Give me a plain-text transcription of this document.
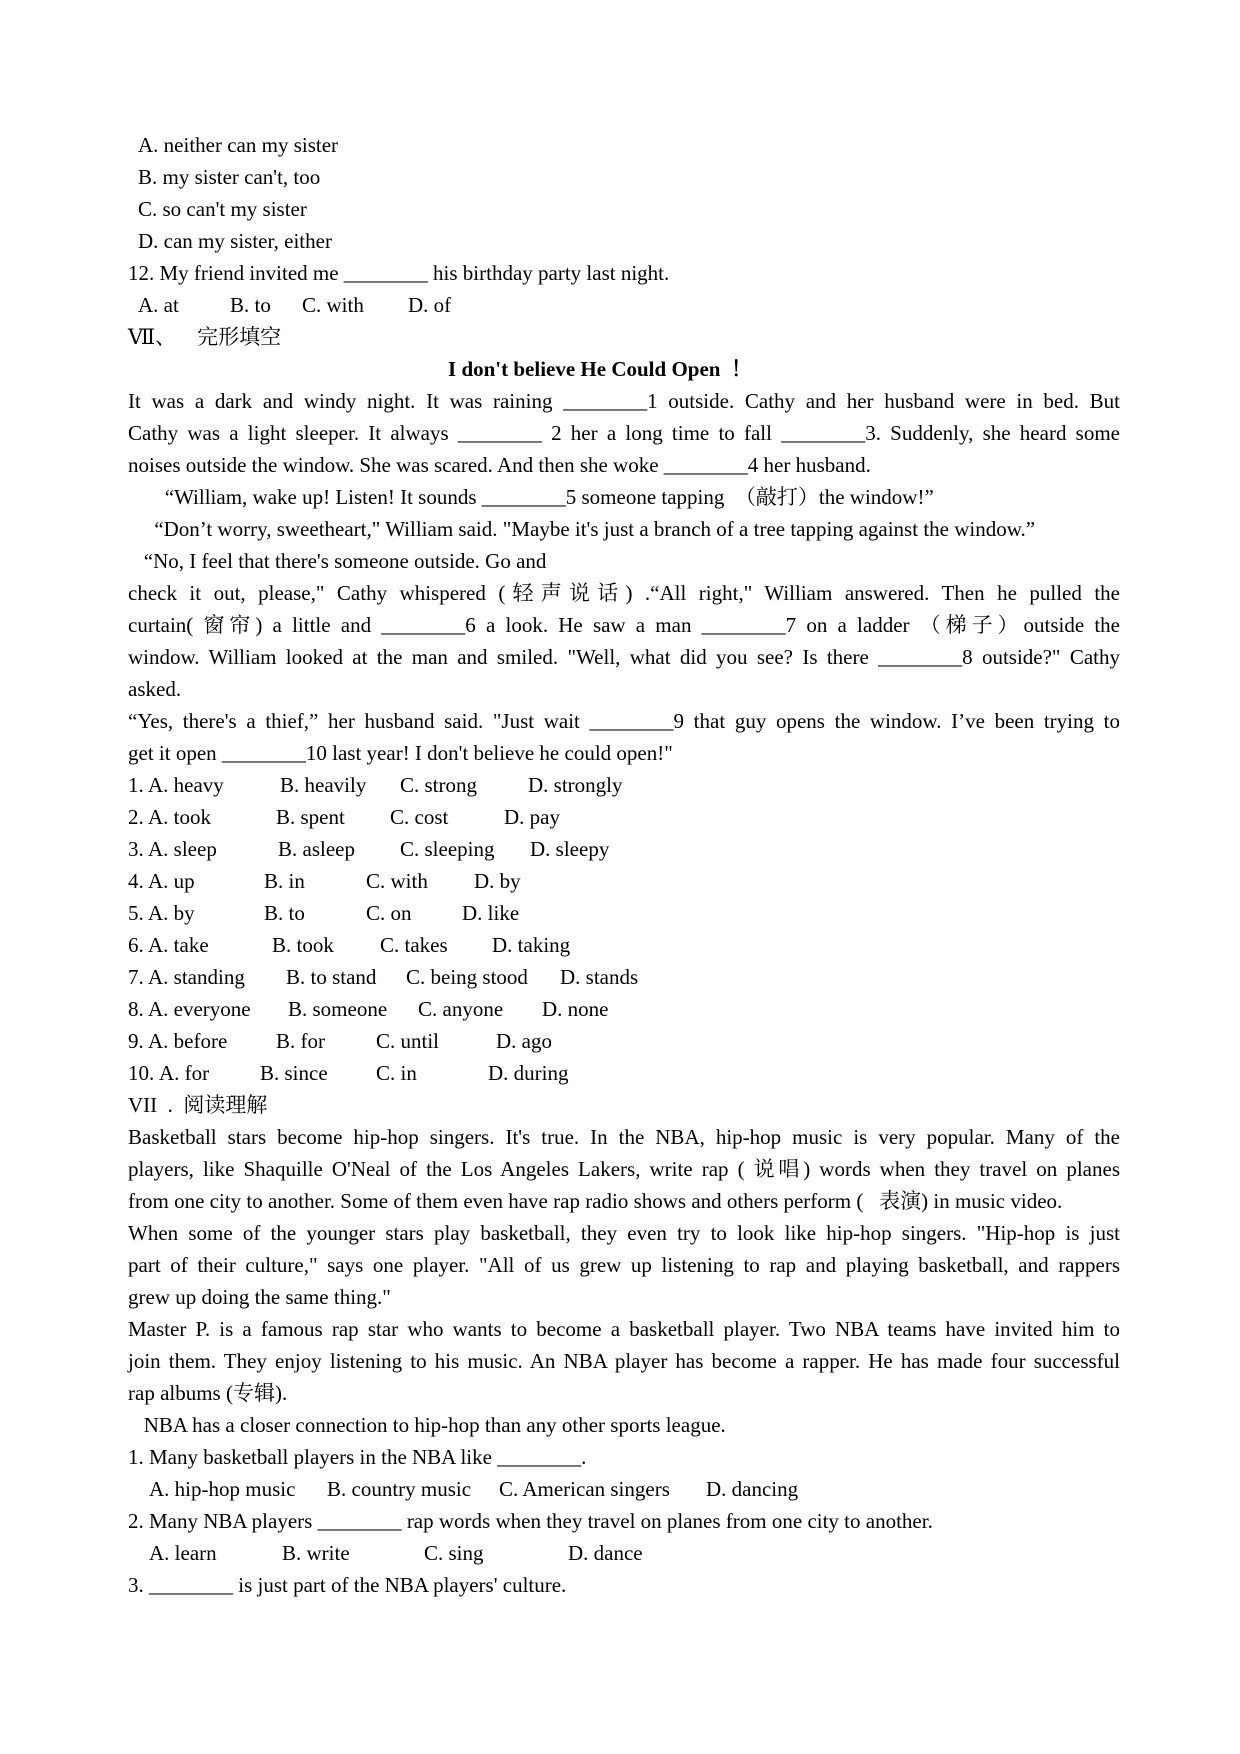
A. neither can my sister
B. my sister can't, too
C. so can't my sister
D. can my sister, either
12. My friend invited me ________ his birthday party last night.
A. at B. to C. with D. of
Ⅶ、    完形填空
I don't believe He Could Open  ！
It was a dark and windy night. It was raining ________1 outside. Cathy and her husband were in bed. But
Cathy was a light sleeper. It always ________ 2 her a long time to fall ________3. Suddenly, she heard some
noises outside the window. She was scared. And then she woke ________4 her husband.
“William, wake up! Listen! It sounds ________5 someone tapping  （敲打）the window!”
“Don’t worry, sweetheart," William said. "Maybe it's just a branch of a tree tapping against the window.”
“No, I feel that there's someone outside. Go and
check it out, please," Cathy whispered (轻声说话) .“All right," William answered. Then he pulled the
curtain( 窗帘) a little and ________6 a look. He saw a man ________7 on a ladder （梯子）outside the
window. William looked at the man and smiled. "Well, what did you see? Is there ________8 outside?" Cathy
asked.
“Yes, there's a thief,” her husband said. "Just wait ________9 that guy opens the window. I’ve been trying to
get it open ________10 last year! I don't believe he could open!"
1. A. heavy	B. heavily C. strong D. strongly
2. A. took	B. spent C. cost	D. pay
3. A. sleep	B. asleep C. sleeping D. sleepy
4. A. up	B. in	C. with D. by
5. A. by	B. to	C. on D. like
6. A. take	B. took C. takes D. taking
7. A. standing B. to stand C. being stood D. stands
8. A. everyone B. someone C. anyone D. none
9. A. before B. for C. until	D. ago
10. A. for B. since C. in	D. during
VII  .  阅读理解
Basketball stars become hip-hop singers. It's true. In the NBA, hip-hop music is very popular. Many of the
players, like Shaquille O'Neal of the Los Angeles Lakers, write rap ( 说唱) words when they travel on planes
from one city to another. Some of them even have rap radio shows and others perform (   表演) in music video.
When some of the younger stars play basketball, they even try to look like hip-hop singers. "Hip-hop is just
part of their culture," says one player. "All of us grew up listening to rap and playing basketball, and rappers
grew up doing the same thing."
Master P. is a famous rap star who wants to become a basketball player. Two NBA teams have invited him to
join them. They enjoy listening to his music. An NBA player has become a rapper. He has made four successful
rap albums (专辑).
NBA has a closer connection to hip-hop than any other sports league.
1. Many basketball players in the NBA like ________.
A. hip-hop music B. country music C. American singers D. dancing
2. Many NBA players ________ rap words when they travel on planes from one city to another.
A. learn	B. write	C. sing	D. dance
3. ________ is just part of the NBA players' culture.
